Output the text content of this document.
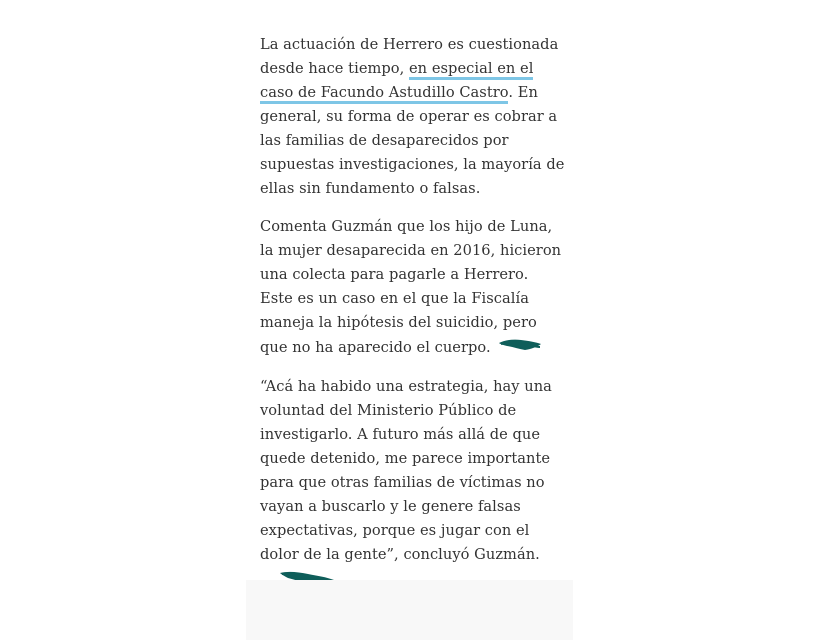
La actuación de Herrero es cuestionada desde hace tiempo, en especial en el caso de Facundo Astudillo Castro. En general, su forma de operar es cobrar a las familias de desaparecidos por supuestas investigaciones, la mayoría de ellas sin fundamento o falsas.

Comenta Guzmán que los hijo de Luna, la mujer desaparecida en 2016, hicieron una colecta para pagarle a Herrero. Este es un caso en el que la Fiscalía maneja la hipótesis del suicidio, pero que no ha aparecido el cuerpo.

“Acá ha habido una estrategia, hay una voluntad del Ministerio Público de investigarlo. A futuro más allá de que quede detenido, me parece importante para que otras familias de víctimas no vayan a buscarlo y le genere falsas expectativas, porque es jugar con el dolor de la gente”, concluyó Guzmán.
